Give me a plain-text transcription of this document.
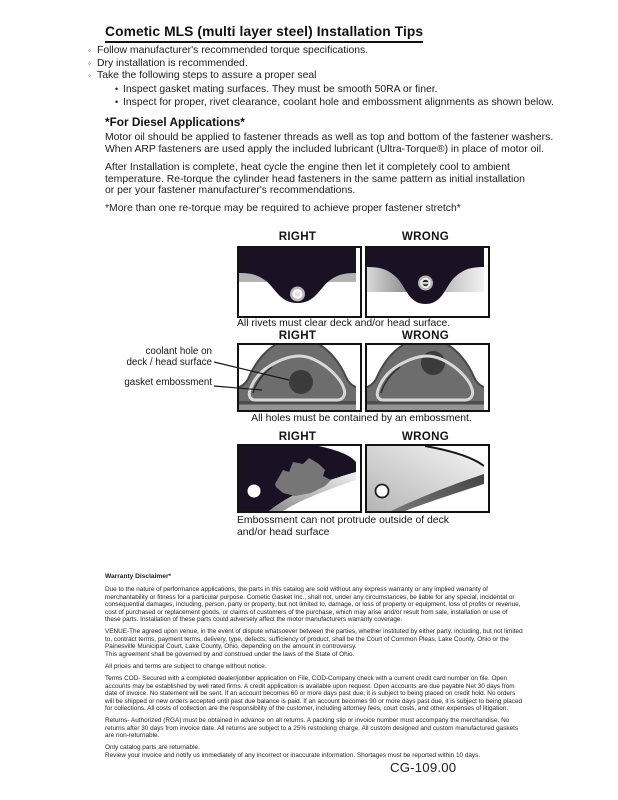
Cometic MLS (multi layer steel) Installation Tips
◦ Follow manufacturer's recommended torque specifications.
◦ Dry installation is recommended.
◦ Take the following steps to assure a proper seal
• Inspect gasket mating surfaces. They must be smooth 50RA or finer.
• Inspect for proper, rivet clearance, coolant hole and embossment alignments as shown below.
*For Diesel Applications*
Motor oil should be applied to fastener threads as well as top and bottom of the fastener washers.
When ARP fasteners are used apply the included lubricant (Ultra-Torque®) in place of motor oil.
After Installation is complete, heat cycle the engine then let it completely cool to ambient
temperature. Re-torque the cylinder head fasteners in the same pattern as initial installation
or per your fastener manufacturer's recommendations.
*More than one re-torque may be required to achieve proper fastener stretch*
RIGHT	WRONG
All rivets must clear deck and/or head surface.
RIGHT	WRONG
coolant hole on
deck / head surface
gasket embossment
All holes must be contained by an embossment.
RIGHT	WRONG
Embossment can not protrude outside of deck and/or head surface
Warranty Disclaimer*
Due to the nature of performance applications, the parts in this catalog are sold without any express warranty or any implied warranty of merchantability or fitness for a particular purpose. Cometic Gasket Inc., shall not, under any circumstances, be liable for any special, incidental or consequential damages, including, person, party or property, but not limited to, damage, or loss of property or equipment, loss of profits or revenue, cost of purchased or replacement goods, or claims of customers of the purchase, which may arise and/or result from sale, installation or use of these parts. Installation of these parts could adversely affect the motor manufacturers warranty coverage.
VENUE-The agreed upon venue, in the event of dispute whatsoever between the parties, whether instituted by either party, including, but not limited to, contract terms, payment terms, delivery, type, defects, sufficiency of product, shall be the Court of Common Pleas, Lake County, Ohio or the Painesville Municipal Court, Lake County, Ohio, depending on the amount in controversy.
This agreement shall be governed by and construed under the laws of the State of Ohio.
All prices and terms are subject to change without notice.
Terms COD- Secured with a completed dealer/jobber application on File, COD-Company check with a current credit card number on file. Open accounts may be established by well rated firms. A credit application is available upon request. Open accounts are due payable Net 30 days from date of invoice. No statement will be sent. If an account becomes 60 or more days past due, it is subject to being placed on credit hold. No orders will be shipped or new orders accepted until past due balance is paid. If an account becomes 90 or more days past due, it is subject to being placed for collections. All costs of collection are the responsibility of the customer, including attorney fees, court costs, and other expenses of litigation.
Returns- Authorized (RGA) must be obtained in advance on all returns. A packing slip or invoice number must accompany the merchandise. No returns after 30 days from invoice date. All returns are subject to a 25% restocking charge. All custom designed and custom manufactured gaskets are non-returnable.
Only catalog parts are returnable.
Review your invoice and notify us immediately of any incorrect or inaccurate information. Shortages must be reported within 10 days.
CG-109.00
